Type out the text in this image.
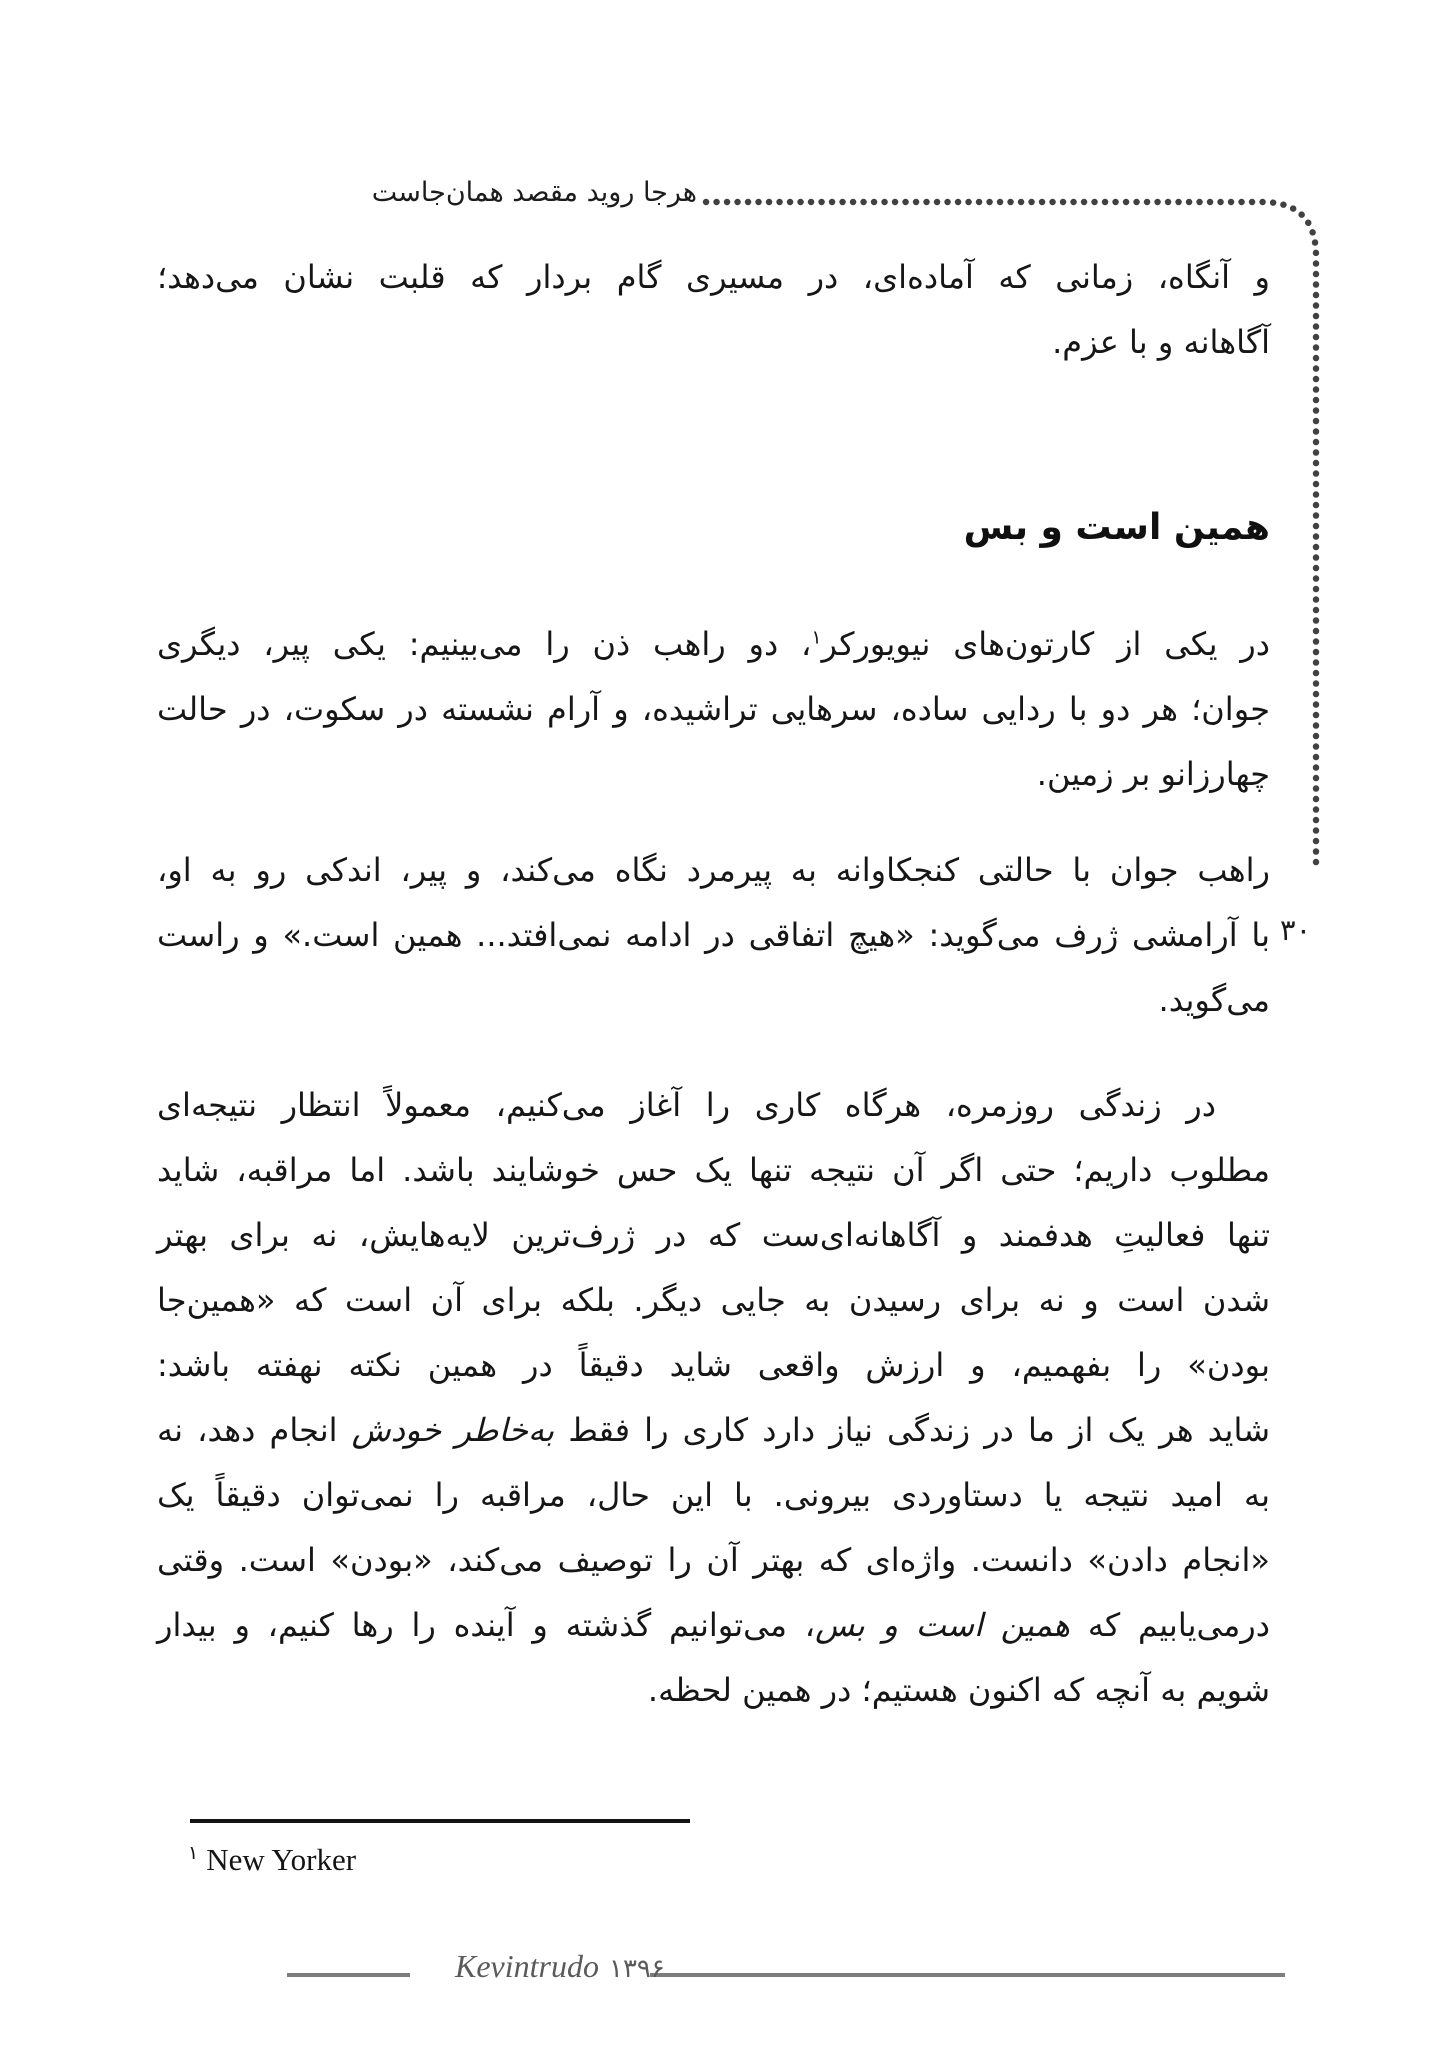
هرجا روید مقصد همان‌جاست
و آنگاه، زمانی که آماده‌ای، در مسیری گام بردار که قلبت نشان می‌دهد؛
آگاهانه و با عزم.
همین است و بس
در یکی از کارتون‌های نیویورکر$^۱$، دو راهب ذن را می‌بینیم: یکی پیر، دیگری
جوان؛ هر دو با ردایی ساده، سرهایی تراشیده، و آرام نشسته در سکوت، در حالت
چهارزانو بر زمین.
راهب جوان با حالتی کنجکاوانه به پیرمرد نگاه می‌کند، و پیر، اندکی رو به او،
با آرامشی ژرف می‌گوید: «هیچ اتفاقی در ادامه نمی‌افتد... همین است.» و راست
می‌گوید.
۳۰
در زندگی روزمره، هرگاه کاری را آغاز می‌کنیم، معمولاً انتظار نتیجه‌ای
مطلوب داریم؛ حتی اگر آن نتیجه تنها یک حس خوشایند باشد. اما مراقبه، شاید
تنها فعالیتِ هدفمند و آگاهانه‌ای‌ست که در ژرف‌ترین لایه‌هایش، نه برای بهتر
شدن است و نه برای رسیدن به جایی دیگر. بلکه برای آن است که «همین‌جا
بودن» را بفهمیم، و ارزش واقعی شاید دقیقاً در همین نکته نهفته باشد:
شاید هر یک از ما در زندگی نیاز دارد کاری را فقط به‌خاطر خودش انجام دهد، نه
به امید نتیجه یا دستاوردی بیرونی. با این حال، مراقبه را نمی‌توان دقیقاً یک
«انجام دادن» دانست. واژه‌ای که بهتر آن را توصیف می‌کند، «بودن» است. وقتی
درمی‌یابیم که همین است و بس، می‌توانیم گذشته و آینده را رها کنیم، و بیدار
شویم به آنچه که اکنون هستیم؛ در همین لحظه.
$^۱$ New Yorker
Kevintrudo ۱۳۹۶
